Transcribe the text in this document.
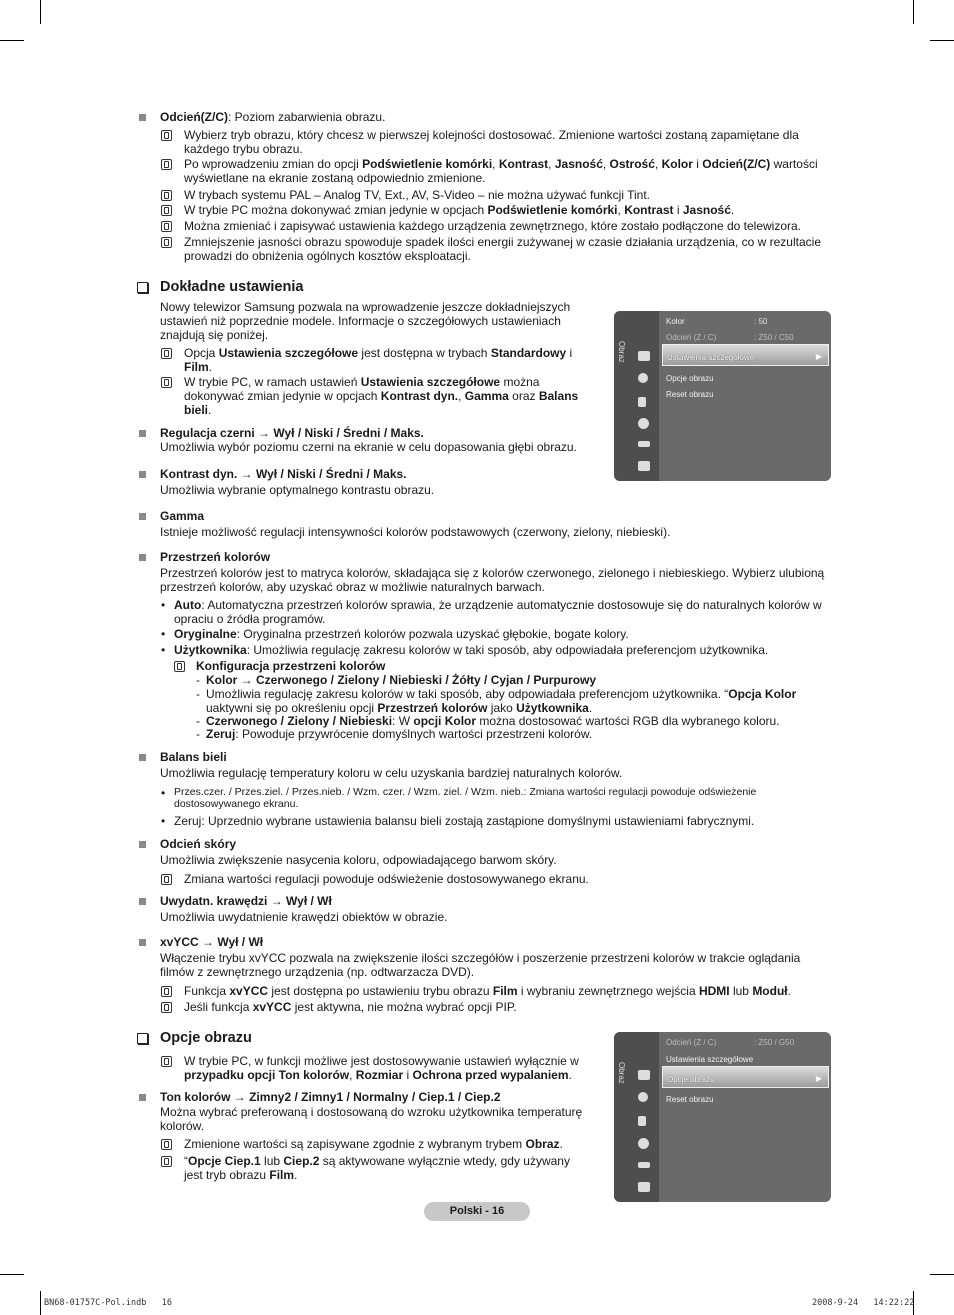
Odcień(Z/C): Poziom zabarwienia obrazu.
Wybierz tryb obrazu, który chcesz w pierwszej kolejności dostosować. Zmienione wartości zostaną zapamiętane dla
każdego trybu obrazu.
Po wprowadzeniu zmian do opcji Podświetlenie komórki, Kontrast, Jasność, Ostrość, Kolor i Odcień(Z/C) wartości
wyświetlane na ekranie zostaną odpowiednio zmienione.
W trybach systemu PAL – Analog TV, Ext., AV, S-Video – nie można używać funkcji Tint.
W trybie PC można dokonywać zmian jedynie w opcjach Podświetlenie komórki, Kontrast i Jasność.
Można zmieniać i zapisywać ustawienia każdego urządzenia zewnętrznego, które zostało podłączone do telewizora.
Zmniejszenie jasności obrazu spowoduje spadek ilości energii zużywanej w czasie działania urządzenia, co w rezultacie
prowadzi do obniżenia ogólnych kosztów eksploatacji.
Dokładne ustawienia
Nowy telewizor Samsung pozwala na wprowadzenie jeszcze dokładniejszych
ustawień niż poprzednie modele. Informacje o szczegółowych ustawieniach
znajdują się poniżej.
Opcja Ustawienia szczegółowe jest dostępna w trybach Standardowy i
Film.
W trybie PC, w ramach ustawień Ustawienia szczegółowe można
dokonywać zmian jedynie w opcjach Kontrast dyn., Gamma oraz Balans
bieli.
Regulacja czerni → Wył / Niski / Średni / Maks.
Umożliwia wybór poziomu czerni na ekranie w celu dopasowania głębi obrazu.
Kontrast dyn. → Wył / Niski / Średni / Maks.
Umożliwia wybranie optymalnego kontrastu obrazu.
Gamma
Istnieje możliwość regulacji intensywności kolorów podstawowych (czerwony, zielony, niebieski).
Przestrzeń kolorów
Przestrzeń kolorów jest to matryca kolorów, składająca się z kolorów czerwonego, zielonego i niebieskiego. Wybierz ulubioną
przestrzeń kolorów, aby uzyskać obraz w możliwie naturalnych barwach.
• Auto: Automatyczna przestrzeń kolorów sprawia, że urządzenie automatycznie dostosowuje się do naturalnych kolorów w
opraciu o źródła programów.
• Oryginalne: Oryginalna przestrzeń kolorów pozwala uzyskać głębokie, bogate kolory.
• Użytkownika: Umożliwia regulację zakresu kolorów w taki sposób, aby odpowiadała preferencjom użytkownika.
Konfiguracja przestrzeni kolorów
- Kolor → Czerwonego / Zielony / Niebieski / Żółty / Cyjan / Purpurowy
- Umożliwia regulację zakresu kolorów w taki sposób, aby odpowiadała preferencjom użytkownika. “Opcja Kolor
uaktywni się po określeniu opcji Przestrzeń kolorów jako Użytkownika.
- Czerwonego / Zielony / Niebieski: W opcji Kolor można dostosować wartości RGB dla wybranego koloru.
- Zeruj: Powoduje przywrócenie domyślnych wartości przestrzeni kolorów.
Balans bieli
Umożliwia regulację temperatury koloru w celu uzyskania bardziej naturalnych kolorów.
• Przes.czer. / Przes.ziel. / Przes.nieb. / Wzm. czer. / Wzm. ziel. / Wzm. nieb.: Zmiana wartości regulacji powoduje odświeżenie
dostosowywanego ekranu.
• Zeruj: Uprzednio wybrane ustawienia balansu bieli zostają zastąpione domyślnymi ustawieniami fabrycznymi.
Odcień skóry
Umożliwia zwiększenie nasycenia koloru, odpowiadającego barwom skóry.
Zmiana wartości regulacji powoduje odświeżenie dostosowywanego ekranu.
Uwydatn. krawędzi → Wył / Wł
Umożliwia uwydatnienie krawędzi obiektów w obrazie.
xvYCC → Wył / Wł
Włączenie trybu xvYCC pozwala na zwiększenie ilości szczegółów i poszerzenie przestrzeni kolorów w trakcie oglądania
filmów z zewnętrznego urządzenia (np. odtwarzacza DVD).
Funkcja xvYCC jest dostępna po ustawieniu trybu obrazu Film i wybraniu zewnętrznego wejścia HDMI lub Moduł.
Jeśli funkcja xvYCC jest aktywna, nie można wybrać opcji PIP.
Opcje obrazu
W trybie PC, w funkcji możliwe jest dostosowywanie ustawień wyłącznie w
przypadku opcji Ton kolorów, Rozmiar i Ochrona przed wypalaniem.
Ton kolorów → Zimny2 / Zimny1 / Normalny / Ciep.1 / Ciep.2
Można wybrać preferowaną i dostosowaną do wzroku użytkownika temperaturę
kolorów.
Zmienione wartości są zapisywane zgodnie z wybranym trybem Obraz.
“Opcje Ciep.1 lub Ciep.2 są aktywowane wyłącznie wtedy, gdy używany
jest tryb obrazu Film.
Obraz
Kolor	: 50
Odcień (Z / C)	: Z50 / C50
Ustawienia szczegółowe	▶
Opcje obrazu
Reset obrazu
Obraz
Odcień (Z / C)	: Z50 / G50
Ustawienia szczegółowe
Opcje obrazu	▶
Reset obrazu
Polski - 16
BN68-01757C-Pol.indb   16	2008-9-24   14:22:22
